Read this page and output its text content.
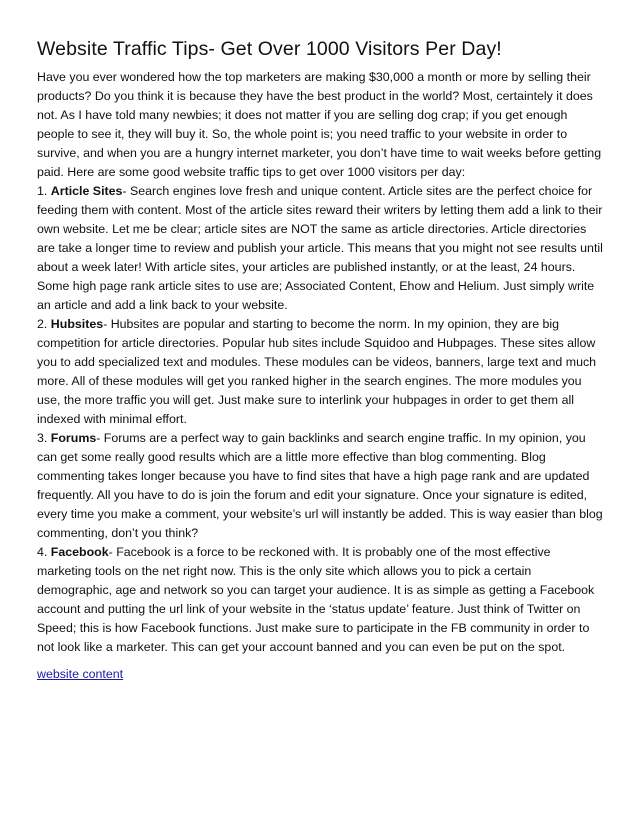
Website Traffic Tips- Get Over 1000 Visitors Per Day!

Have you ever wondered how the top marketers are making $30,000 a month or more by selling their products? Do you think it is because they have the best product in the world? Most, certaintely it does not. As I have told many newbies; it does not matter if you are selling dog crap; if you get enough people to see it, they will buy it. So, the whole point is; you need traffic to your website in order to survive, and when you are a hungry internet marketer, you don’t have time to wait weeks before getting paid. Here are some good website traffic tips to get over 1000 visitors per day:

1. Article Sites- Search engines love fresh and unique content. Article sites are the perfect choice for feeding them with content. Most of the article sites reward their writers by letting them add a link to their own website. Let me be clear; article sites are NOT the same as article directories. Article directories are take a longer time to review and publish your article. This means that you might not see results until about a week later! With article sites, your articles are published instantly, or at the least, 24 hours. Some high page rank article sites to use are; Associated Content, Ehow and Helium. Just simply write an article and add a link back to your website.

2. Hubsites- Hubsites are popular and starting to become the norm. In my opinion, they are big competition for article directories. Popular hub sites include Squidoo and Hubpages. These sites allow you to add specialized text and modules. These modules can be videos, banners, large text and much more. All of these modules will get you ranked higher in the search engines. The more modules you use, the more traffic you will get. Just make sure to interlink your hubpages in order to get them all indexed with minimal effort.

3. Forums- Forums are a perfect way to gain backlinks and search engine traffic. In my opinion, you can get some really good results which are a little more effective than blog commenting. Blog commenting takes longer because you have to find sites that have a high page rank and are updated frequently. All you have to do is join the forum and edit your signature. Once your signature is edited, every time you make a comment, your website’s url will instantly be added. This is way easier than blog commenting, don’t you think?

4. Facebook- Facebook is a force to be reckoned with. It is probably one of the most effective marketing tools on the net right now. This is the only site which allows you to pick a certain demographic, age and network so you can target your audience. It is as simple as getting a Facebook account and putting the url link of your website in the ‘status update’ feature. Just think of Twitter on Speed; this is how Facebook functions. Just make sure to participate in the FB community in order to not look like a marketer. This can get your account banned and you can even be put on the spot.

website content
